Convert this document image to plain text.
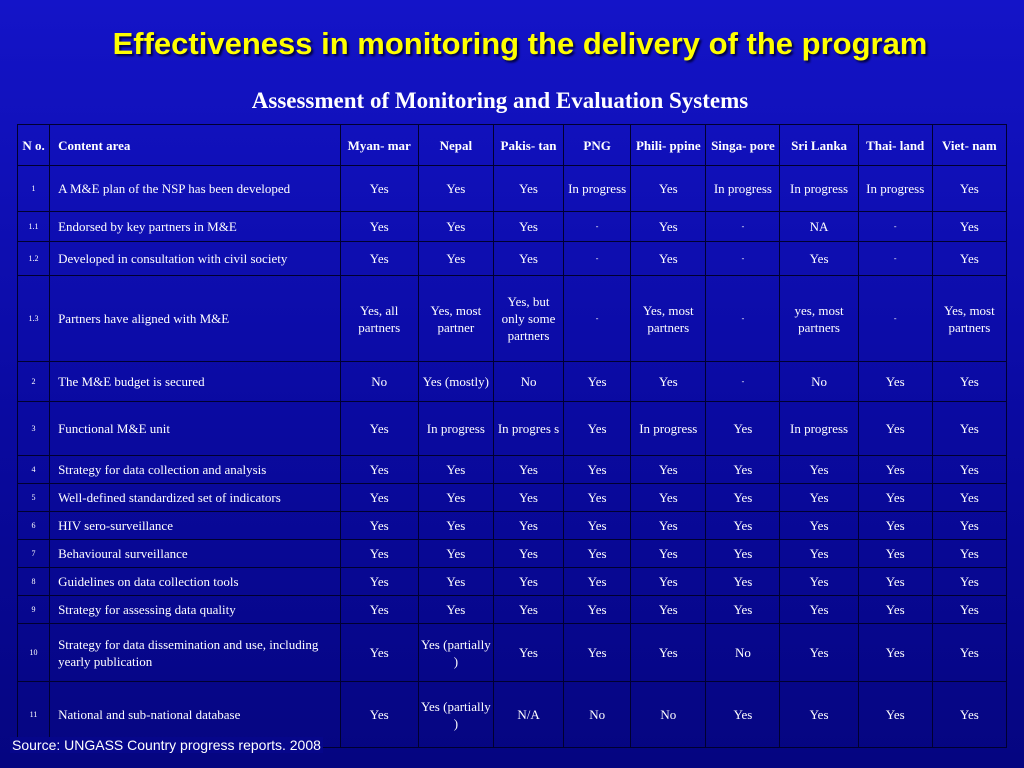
Effectiveness in monitoring the delivery of the program
Assessment of Monitoring and Evaluation Systems
N o.	Content area	Myan- mar	Nepal	Pakis- tan	PNG	Phili- ppine	Singa- pore	Sri Lanka	Thai- land	Viet- nam
1	A M&E plan of the NSP has been developed	Yes	Yes	Yes	In progress	Yes	In progress	In progress	In progress	Yes
1.1	Endorsed by key partners in M&E	Yes	Yes	Yes	-	Yes	-	NA	-	Yes
1.2	Developed in consultation with civil society	Yes	Yes	Yes	-	Yes	-	Yes	-	Yes
1.3	Partners have aligned with M&E	Yes, all partners	Yes, most partner	Yes, but only some partners	-	Yes, most partners	-	yes, most partners	-	Yes, most partners
2	The M&E budget is secured	No	Yes (mostly)	No	Yes	Yes	-	No	Yes	Yes
3	Functional M&E unit	Yes	In progress	In progres s	Yes	In progress	Yes	In progress	Yes	Yes
4	Strategy for data collection and analysis	Yes	Yes	Yes	Yes	Yes	Yes	Yes	Yes	Yes
5	Well-defined standardized set of indicators	Yes	Yes	Yes	Yes	Yes	Yes	Yes	Yes	Yes
6	HIV sero-surveillance	Yes	Yes	Yes	Yes	Yes	Yes	Yes	Yes	Yes
7	Behavioural surveillance	Yes	Yes	Yes	Yes	Yes	Yes	Yes	Yes	Yes
8	Guidelines on data collection tools	Yes	Yes	Yes	Yes	Yes	Yes	Yes	Yes	Yes
9	Strategy for assessing data quality	Yes	Yes	Yes	Yes	Yes	Yes	Yes	Yes	Yes
10	Strategy for data dissemination and use, including yearly publication	Yes	Yes (partially )	Yes	Yes	Yes	No	Yes	Yes	Yes
11	National and sub-national database	Yes	Yes (partially )	N/A	No	No	Yes	Yes	Yes	Yes
Source: UNGASS Country progress reports. 2008
